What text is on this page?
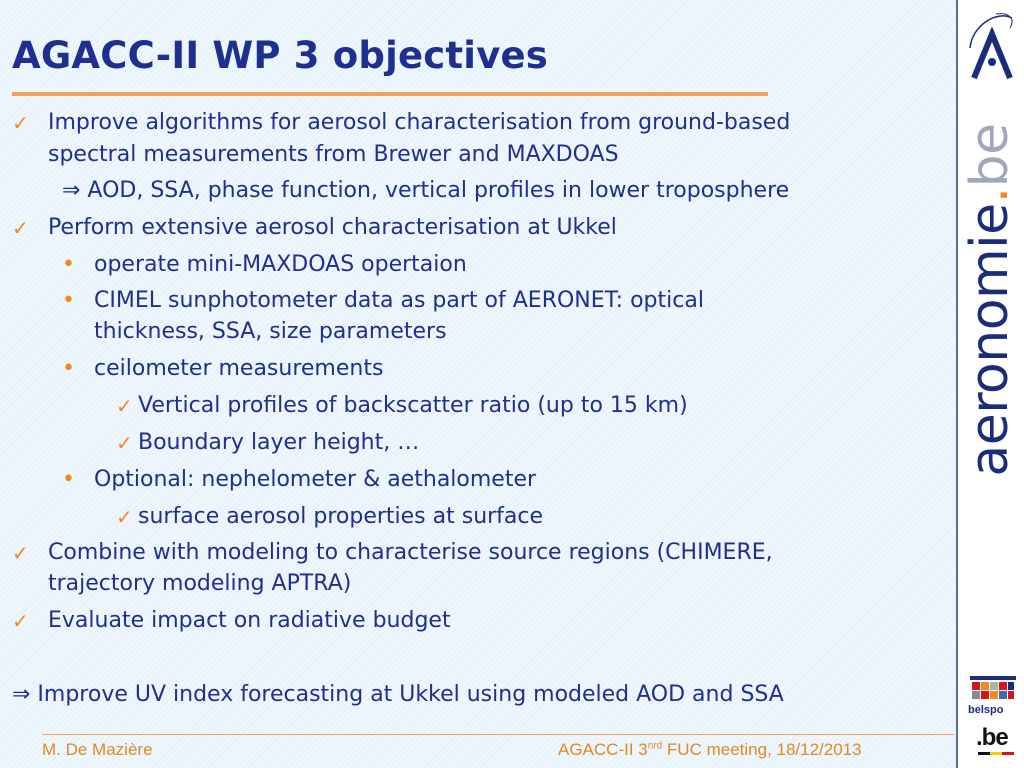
AGACC-II WP 3 objectives
✓ Improve algorithms for aerosol characterisation from ground-based
spectral measurements from Brewer and MAXDOAS
⇒ AOD, SSA, phase function, vertical profiles in lower troposphere
✓ Perform extensive aerosol characterisation at Ukkel
• operate mini-MAXDOAS opertaion
• CIMEL sunphotometer data as part of AERONET: optical
thickness, SSA, size parameters
• ceilometer measurements
✓ Vertical profiles of backscatter ratio (up to 15 km)
✓ Boundary layer height, …
• Optional: nephelometer & aethalometer
✓ surface aerosol properties at surface
✓ Combine with modeling to characterise source regions (CHIMERE,
trajectory modeling APTRA)
✓ Evaluate impact on radiative budget
⇒ Improve UV index forecasting at Ukkel using modeled AOD and SSA
M. De Mazière	AGACC-II $3^{nrd}$ FUC meeting, 18/12/2013
aeronomie.be
belspo
.be
